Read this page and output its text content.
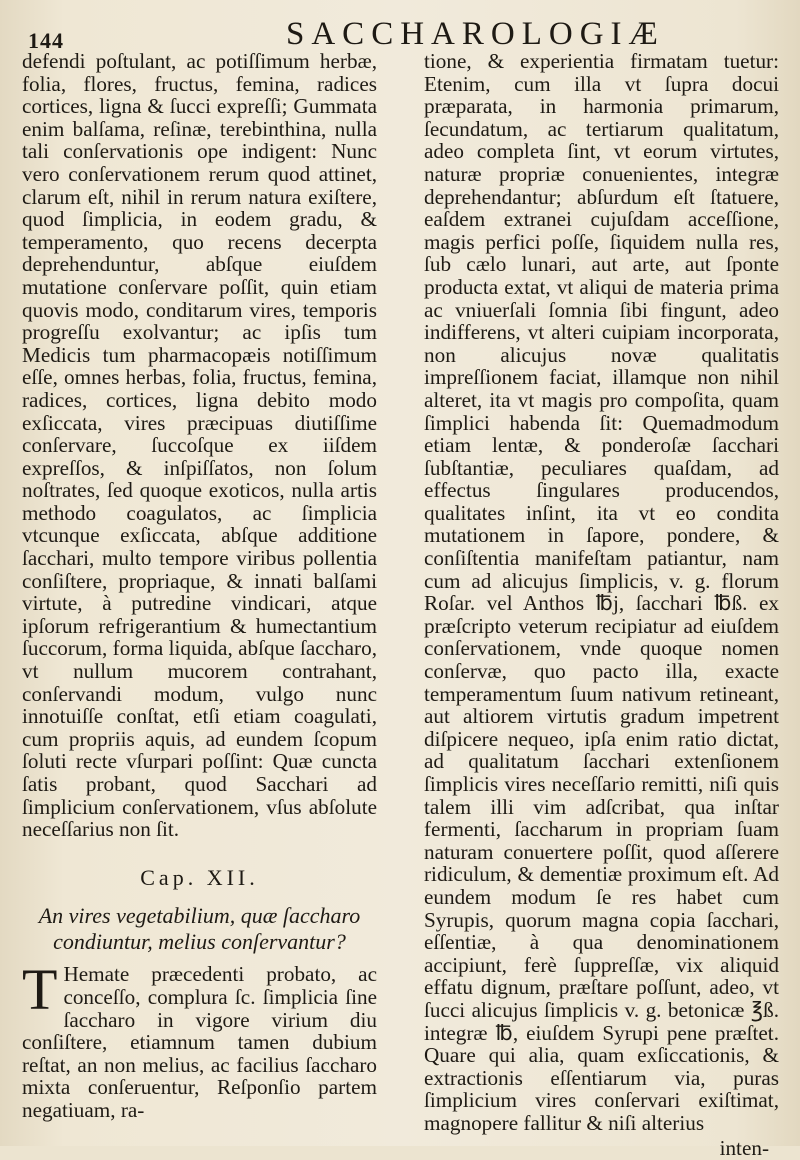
144	SACCHAROLOGIÆ

defendi poſtulant, ac potiſſimum herbæ, folia, flores, fructus, femina, radices cortices, ligna & ſucci expreſſi; Gummata enim balſama, reſinæ, terebinthina, nulla tali conſervationis ope indigent: Nunc vero conſervationem rerum quod attinet, clarum eſt, nihil in rerum natura exiſtere, quod ſimplicia, in eodem gradu, & temperamento, quo recens decerpta deprehenduntur, abſque eiuſdem mutatione conſervare poſſit, quin etiam quovis modo, conditarum vires, temporis progreſſu exolvantur; ac ipſis tum Medicis tum pharmacopæis notiſſimum eſſe, omnes herbas, folia, fructus, femina, radices, cortices, ligna debito modo exſiccata, vires præcipuas diutiſſime conſervare, ſuccoſque ex iiſdem expreſſos, & inſpiſſatos, non ſolum noſtrates, ſed quoque exoticos, nulla artis methodo coagulatos, ac ſimplicia vtcunque exſiccata, abſque additione ſacchari, multo tempore viribus pollentia conſiſtere, propriaque, & innati balſami virtute, à putredine vindicari, atque ipſorum refrigerantium & humectantium ſuccorum, forma liquida, abſque ſaccharo, vt nullum mucorem contrahant, conſervandi modum, vulgo nunc innotuiſſe conſtat, etſi etiam coagulati, cum propriis aquis, ad eundem ſcopum ſoluti recte vſurpari poſſint: Quæ cuncta ſatis probant, quod Sacchari ad ſimplicium conſervationem, vſus abſolute neceſſarius non ſit.

Cap. XII.
An vires vegetabilium, quæ ſaccharo condiuntur, melius conſervantur?

T Hemate præcedenti probato, ac conceſſo, complura ſc. ſimplicia ſine ſaccharo in vigore virium diu conſiſtere, etiamnum tamen dubium reſtat, an non melius, ac facilius ſaccharo mixta conſeruentur, Reſponſio partem negatiuam, ra-

tione, & experientia firmatam tuetur: Etenim, cum illa vt ſupra docui præparata, in harmonia primarum, ſecundatum, ac tertiarum qualitatum, adeo completa ſint, vt eorum virtutes, naturæ propriæ conuenientes, integræ deprehendantur; abſurdum eſt ſtatuere, eaſdem extranei cujuſdam acceſſione, magis perfici poſſe, ſiquidem nulla res, ſub cælo lunari, aut arte, aut ſponte producta extat, vt aliqui de materia prima ac vniuerſali ſomnia ſibi fingunt, adeo indifferens, vt alteri cuipiam incorporata, non alicujus novæ qualitatis impreſſionem faciat, illamque non nihil alteret, ita vt magis pro compoſita, quam ſimplici habenda ſit: Quemadmodum etiam lentæ, & ponderoſæ ſacchari ſubſtantiæ, peculiares quaſdam, ad effectus ſingulares producendos, qualitates inſint, ita vt eo condita mutationem in ſapore, pondere, & conſiſtentia manifeſtam patiantur, nam cum ad alicujus ſimplicis, v. g. florum Roſar. vel Anthos ℔j, ſacchari ℔ß. ex præſcripto veterum recipiatur ad eiuſdem conſervationem, vnde quoque nomen conſervæ, quo pacto illa, exacte temperamentum ſuum nativum retineant, aut altiorem virtutis gradum impetrent diſpicere nequeo, ipſa enim ratio dictat, ad qualitatum ſacchari extenſionem ſimplicis vires neceſſario remitti, niſi quis talem illi vim adſcribat, qua inſtar fermenti, ſaccharum in propriam ſuam naturam conuertere poſſit, quod aſſerere ridiculum, & dementiæ proximum eſt. Ad eundem modum ſe res habet cum Syrupis, quorum magna copia ſacchari, eſſentiæ, à qua denominationem accipiunt, ferè ſuppreſſæ, vix aliquid effatu dignum, præſtare poſſunt, adeo, vt ſucci alicujus ſimplicis v. g. betonicæ ℥ß. integræ ℔, eiuſdem Syrupi pene præſtet. Quare qui alia, quam exſiccationis, & extractionis eſſentiarum via, puras ſimplicium vires conſervari exiſtimat, magnopere fallitur & niſi alterius

inten-
